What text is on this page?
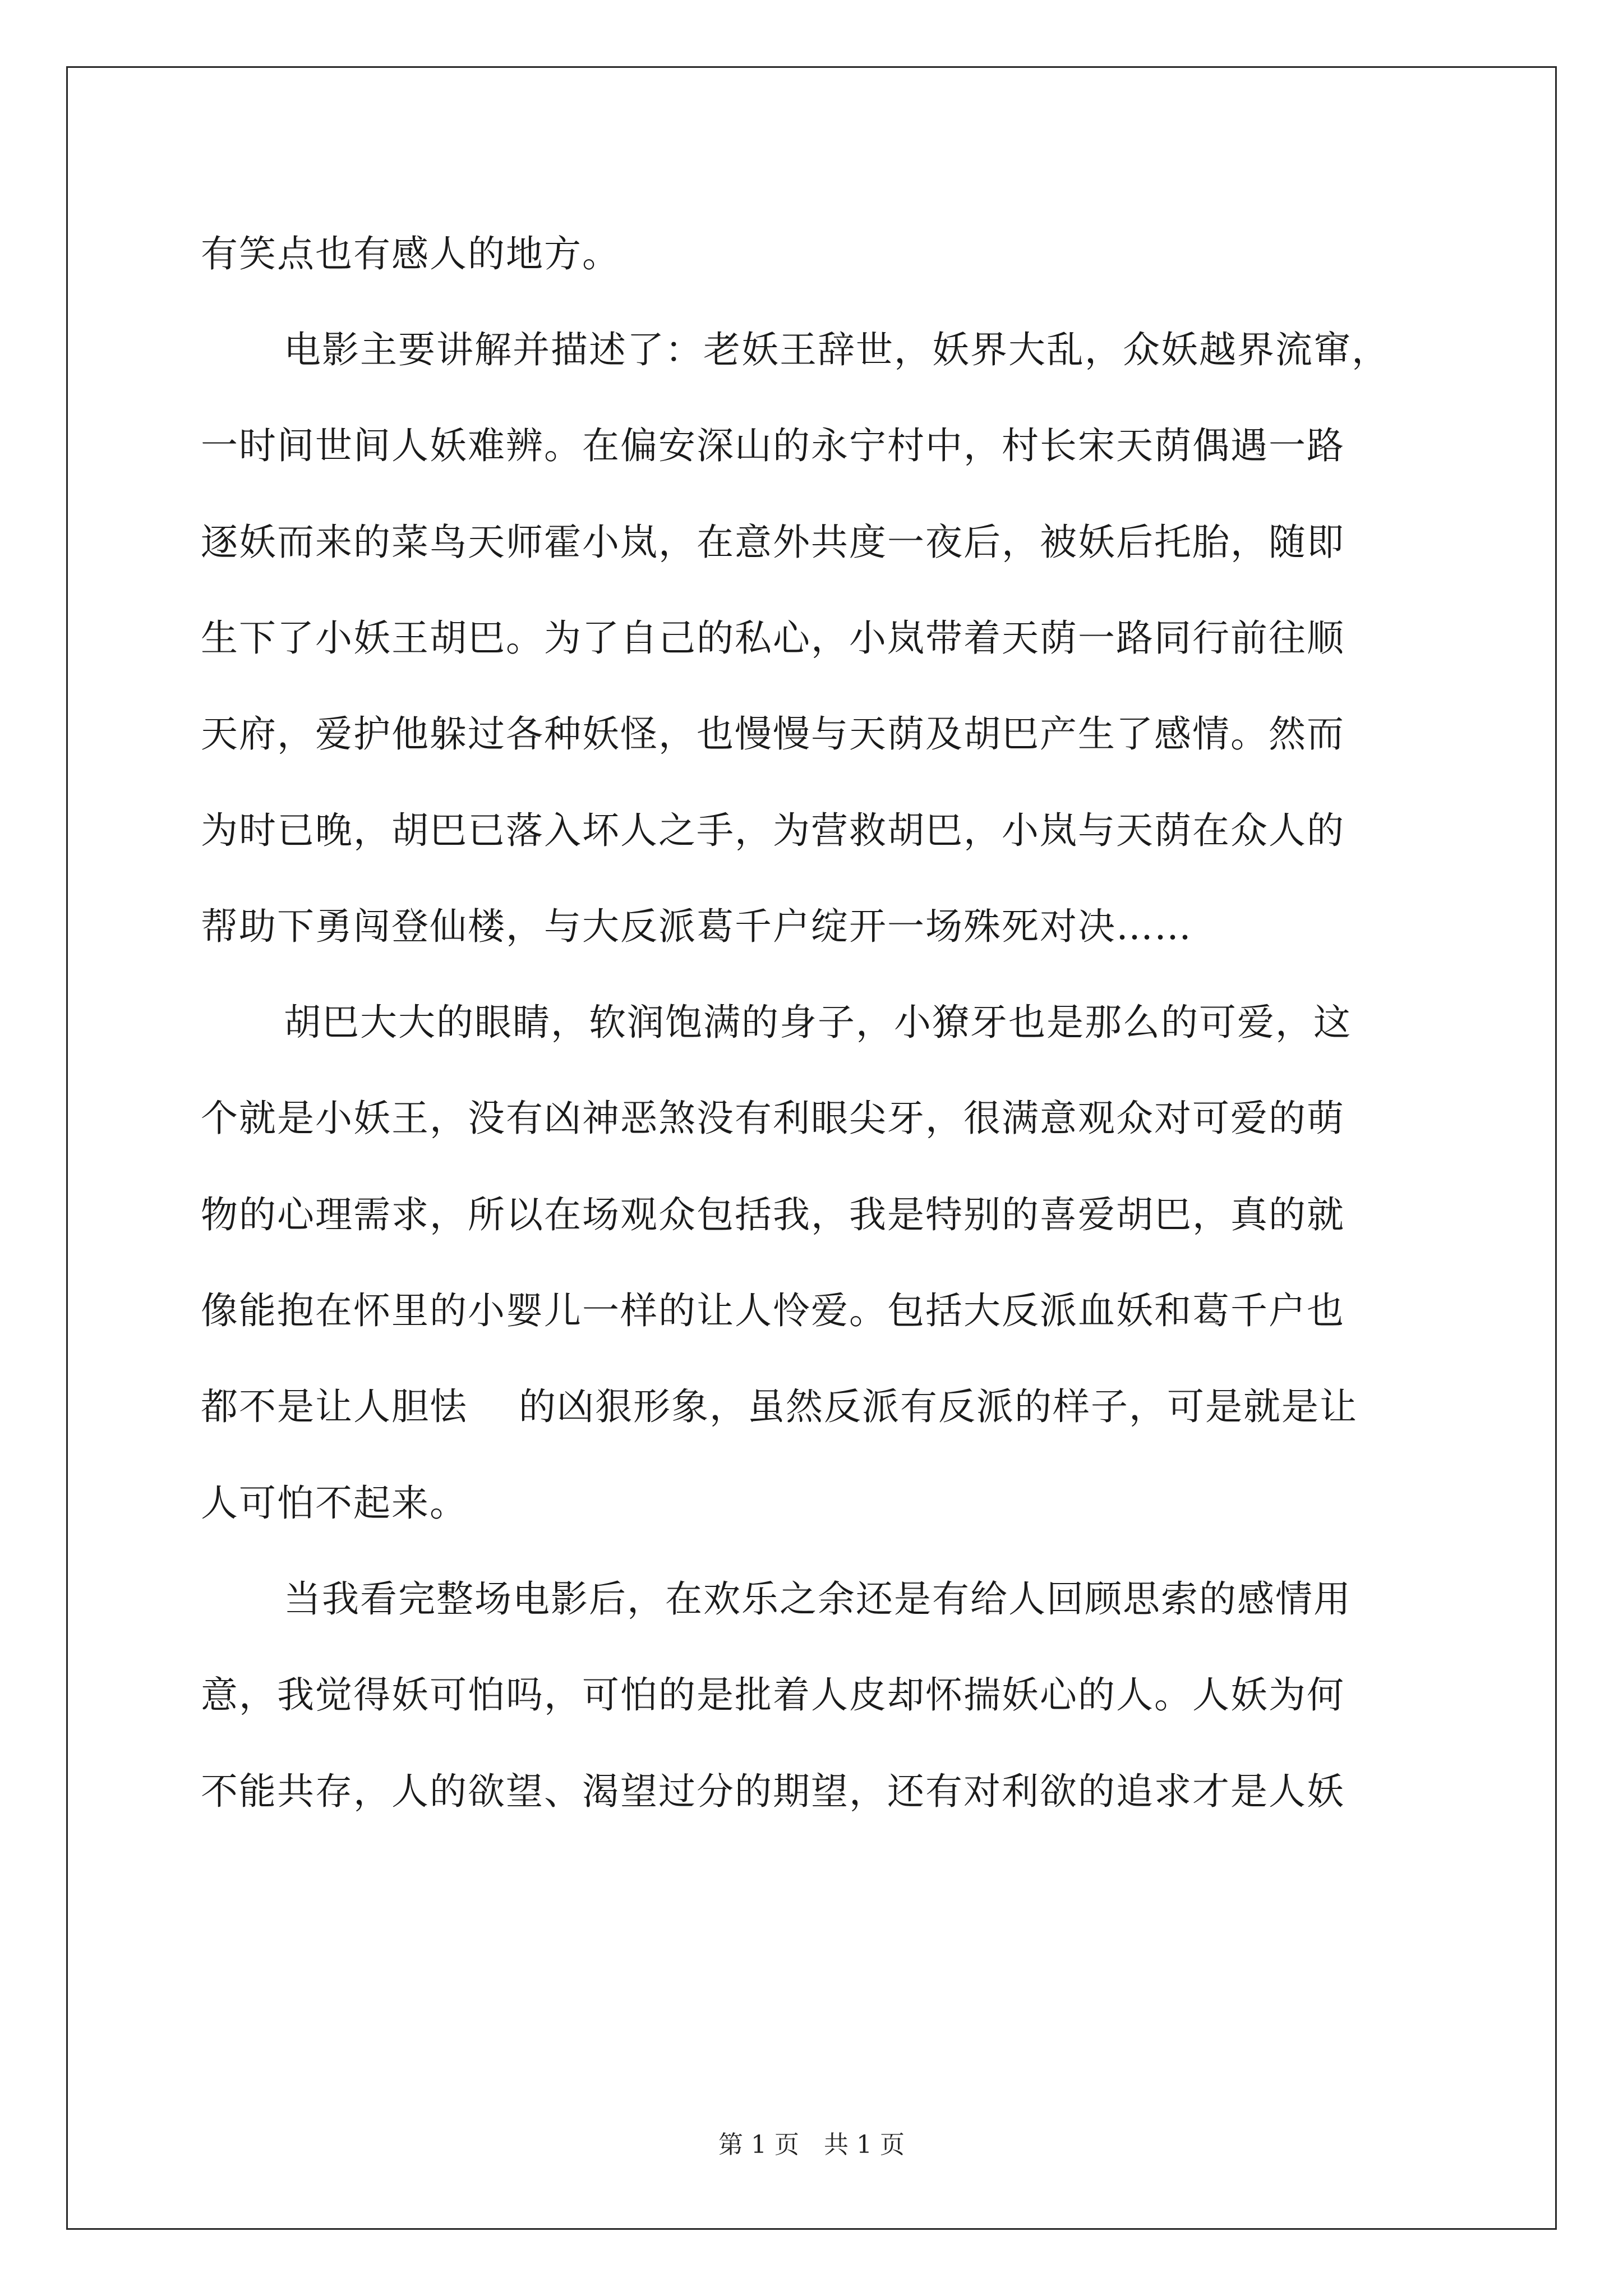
有笑点也有感人的地方。
电影主要讲解并描述了：老妖王辞世，妖界大乱，众妖越界流窜，
一时间世间人妖难辨。在偏安深山的永宁村中，村长宋天荫偶遇一路
逐妖而来的菜鸟天师霍小岚，在意外共度一夜后，被妖后托胎，随即
生下了小妖王胡巴。为了自己的私心，小岚带着天荫一路同行前往顺
天府，爱护他躲过各种妖怪，也慢慢与天荫及胡巴产生了感情。然而
为时已晚，胡巴已落入坏人之手，为营救胡巴，小岚与天荫在众人的
帮助下勇闯登仙楼，与大反派葛千户绽开一场殊死对决……
胡巴大大的眼睛，软润饱满的身子，小獠牙也是那么的可爱，这
个就是小妖王，没有凶神恶煞没有利眼尖牙，很满意观众对可爱的萌
物的心理需求，所以在场观众包括我，我是特别的喜爱胡巴，真的就
像能抱在怀里的小婴儿一样的让人怜爱。包括大反派血妖和葛千户也
都不是让人胆怯　 的凶狠形象，虽然反派有反派的样子，可是就是让
人可怕不起来。
当我看完整场电影后，在欢乐之余还是有给人回顾思索的感情用
意，我觉得妖可怕吗，可怕的是批着人皮却怀揣妖心的人。人妖为何
不能共存，人的欲望、渴望过分的期望，还有对利欲的追求才是人妖
第 1 页　共 1 页
